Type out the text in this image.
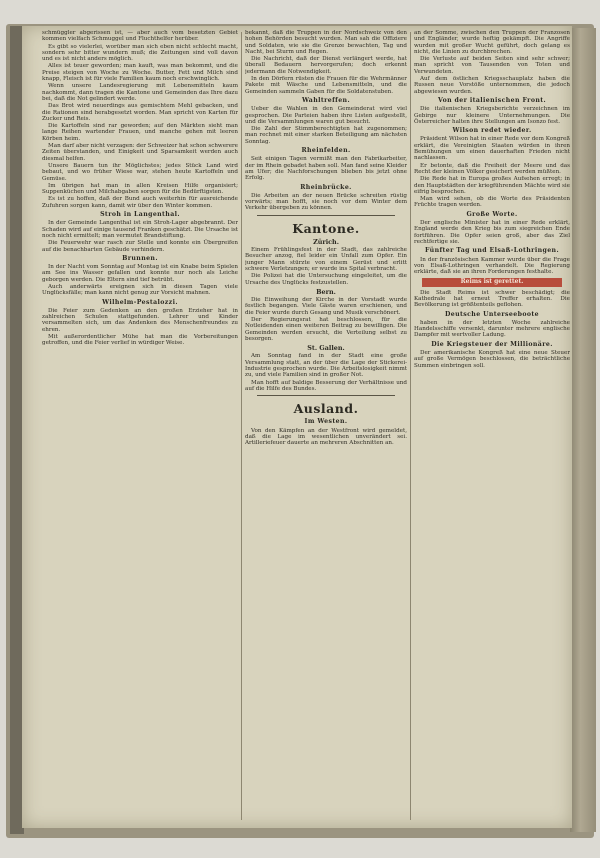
schmüggler abgerissen ist, — aber auch vom besetzten Gebiet kommen vielfach Schmuggel und Fluchthelfer herüber.

Es gibt so vielerlei, worüber man sich eben nicht schlecht macht, sondern sehr bitter wundern muß; die Zeitungen sind voll davon und es ist nicht anders möglich.

Alles ist teuer geworden; man kauft, was man bekommt, und die Preise steigen von Woche zu Woche. Butter, Fett und Milch sind knapp, Fleisch ist für viele Familien kaum noch erschwinglich.

Wenn unsere Landesregierung mit Lebensmitteln kaum nachkommt, dann tragen die Kantone und Gemeinden das Ihre dazu bei, daß die Not gelindert werde.

Das Brot wird neuerdings aus gemischtem Mehl gebacken, und die Rationen sind herabgesetzt worden. Man spricht von Karten für Zucker und Reis.

Die Kartoffeln sind rar geworden; auf den Märkten sieht man lange Reihen wartender Frauen, und manche gehen mit leeren Körben heim.

Man darf aber nicht verzagen: der Schweizer hat schon schwerere Zeiten überstanden, und Einigkeit und Sparsamkeit werden auch diesmal helfen.

Unsere Bauern tun ihr Möglichstes; jedes Stück Land wird bebaut, und wo früher Wiese war, stehen heute Kartoffeln und Gemüse.

Im übrigen hat man in allen Kreisen Hilfe organisiert; Suppenküchen und Milchabgaben sorgen für die Bedürftigsten.

Es ist zu hoffen, daß der Bund auch weiterhin für ausreichende Zufuhren sorgen kann, damit wir über den Winter kommen.

Stroh in Langenthal.

In der Gemeinde Langenthal ist ein Stroh-Lager abgebrannt. Der Schaden wird auf einige tausend Franken geschätzt. Die Ursache ist noch nicht ermittelt; man vermutet Brandstiftung.

Die Feuerwehr war rasch zur Stelle und konnte ein Übergreifen auf die benachbarten Gebäude verhindern.

Brunnen.

In der Nacht vom Sonntag auf Montag ist ein Knabe beim Spielen am See ins Wasser gefallen und konnte nur noch als Leiche geborgen werden. Die Eltern sind tief betrübt.

Auch anderwärts ereignen sich in diesen Tagen viele Unglücksfälle; man kann nicht genug zur Vorsicht mahnen.

Wilhelm-Pestalozzi.

Die Feier zum Gedenken an den großen Erzieher hat in zahlreichen Schulen stattgefunden. Lehrer und Kinder versammelten sich, um das Andenken des Menschenfreundes zu ehren.

Mit außerordentlicher Mühe hat man die Vorbereitungen getroffen, und die Feier verlief in würdiger Weise.

bekannt, daß die Truppen in der Nordschweiz von den hohen Behörden besucht wurden. Man sah die Offiziere und Soldaten, wie sie die Grenze bewachten, Tag und Nacht, bei Sturm und Regen.

Die Nachricht, daß der Dienst verlängert werde, hat überall Bedauern hervorgerufen; doch erkennt jedermann die Notwendigkeit.

In den Dörfern rüsten die Frauen für die Wehrmänner Pakete mit Wäsche und Lebensmitteln, und die Gemeinden sammeln Gaben für die Soldatenstuben.

Wahltreffen.

Ueber die Wahlen in den Gemeinderat wird viel gesprochen. Die Parteien haben ihre Listen aufgestellt, und die Versammlungen waren gut besucht.

Die Zahl der Stimmberechtigten hat zugenommen; man rechnet mit einer starken Beteiligung am nächsten Sonntag.

Rheinfelden.

Seit einigen Tagen vermißt man den Fabrikarbeiter, der im Rhein gebadet haben soll. Man fand seine Kleider am Ufer; die Nachforschungen blieben bis jetzt ohne Erfolg.

Rheinbrücke.

Die Arbeiten an der neuen Brücke schreiten rüstig vorwärts; man hofft, sie noch vor dem Winter dem Verkehr übergeben zu können.

Kantone.
Zürich.

Einem Frühlingsfest in der Stadt, das zahlreiche Besucher anzog, fiel leider ein Unfall zum Opfer. Ein junger Mann stürzte von einem Gerüst und erlitt schwere Verletzungen; er wurde ins Spital verbracht.

Die Polizei hat die Untersuchung eingeleitet, um die Ursache des Unglücks festzustellen.

Bern.

Die Einweihung der Kirche in der Vorstadt wurde festlich begangen. Viele Gäste waren erschienen, und die Feier wurde durch Gesang und Musik verschönert.

Der Regierungsrat hat beschlossen, für die Notleidenden einen weiteren Beitrag zu bewilligen. Die Gemeinden werden ersucht, die Verteilung selbst zu besorgen.

St. Gallen.

Am Sonntag fand in der Stadt eine große Versammlung statt, an der über die Lage der Stickerei-Industrie gesprochen wurde. Die Arbeitslosigkeit nimmt zu, und viele Familien sind in großer Not.

Man hofft auf baldige Besserung der Verhältnisse und auf die Hilfe des Bundes.

Ausland.
Im Westen.

Von den Kämpfen an der Westfront wird gemeldet, daß die Lage im wesentlichen unverändert sei. Artilleriefeuer dauerte an mehreren Abschnitten an.

an der Somme, zwischen den Truppen der Franzosen und Engländer, wurde heftig gekämpft. Die Angriffe wurden mit großer Wucht geführt, doch gelang es nicht, die Linien zu durchbrechen.

Die Verluste auf beiden Seiten sind sehr schwer; man spricht von Tausenden von Toten und Verwundeten.

Auf dem östlichen Kriegsschauplatz haben die Russen neue Vorstöße unternommen, die jedoch abgewiesen wurden.

Von der italienischen Front.

Die italienischen Kriegsberichte verzeichnen im Gebirge nur kleinere Unternehmungen. Die Österreicher halten ihre Stellungen am Isonzo fest.

Wilson redet wieder.

Präsident Wilson hat in einer Rede vor dem Kongreß erklärt, die Vereinigten Staaten würden in ihren Bemühungen um einen dauerhaften Frieden nicht nachlassen.

Er betonte, daß die Freiheit der Meere und das Recht der kleinen Völker gesichert werden müßten.

Die Rede hat in Europa großes Aufsehen erregt; in den Hauptstädten der kriegführenden Mächte wird sie eifrig besprochen.

Man wird sehen, ob die Worte des Präsidenten Früchte tragen werden.

Große Worte.

Der englische Minister hat in einer Rede erklärt, England werde den Krieg bis zum siegreichen Ende fortführen. Die Opfer seien groß, aber das Ziel rechtfertige sie.

Fünfter Tag und Elsaß-Lothringen.

In der französischen Kammer wurde über die Frage von Elsaß-Lothringen verhandelt. Die Regierung erklärte, daß sie an ihren Forderungen festhalte.

Reims ist gerettet.

Die Stadt Reims ist schwer beschädigt; die Kathedrale hat erneut Treffer erhalten. Die Bevölkerung ist größtenteils geflohen.

Deutsche Unterseeboote

haben in der letzten Woche zahlreiche Handelsschiffe versenkt, darunter mehrere englische Dampfer mit wertvoller Ladung.

Die Kriegsteuer der Millionäre.

Der amerikanische Kongreß hat eine neue Steuer auf große Vermögen beschlossen, die beträchtliche Summen einbringen soll.
